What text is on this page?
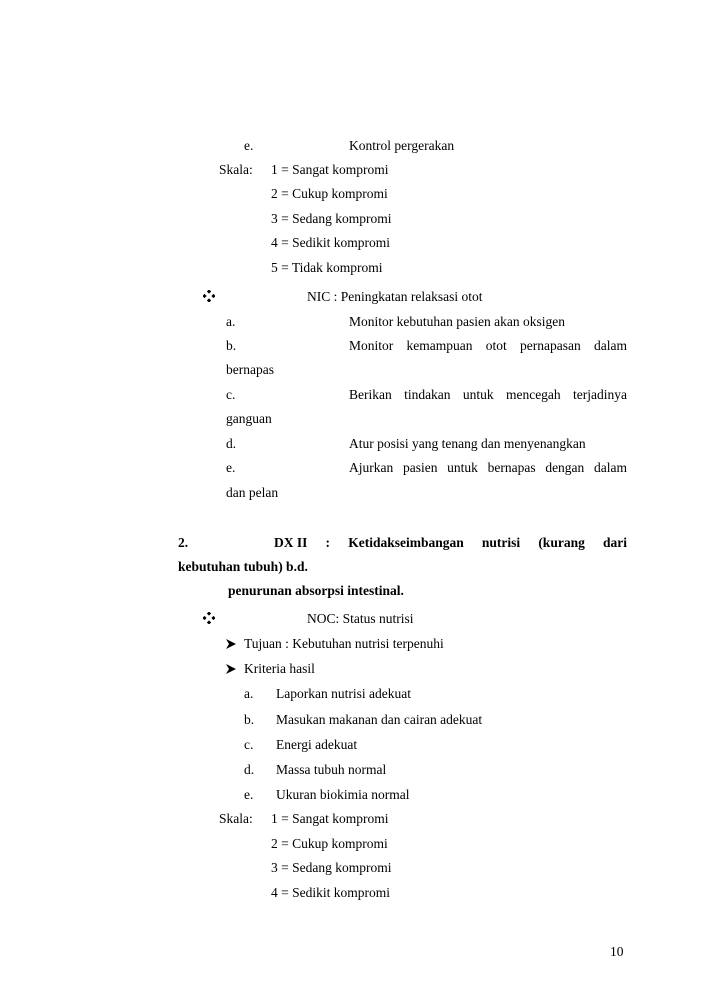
e.	Kontrol pergerakan
Skala: 1 = Sangat kompromi
2 = Cukup kompromi
3 = Sedang kompromi
4 = Sedikit kompromi
5 = Tidak kompromi
NIC : Peningkatan relaksasi otot
a.	Monitor kebutuhan pasien akan oksigen
b.	Monitor kemampuan otot pernapasan dalam
bernapas
c.	Berikan tindakan untuk mencegah terjadinya
ganguan
d.	Atur posisi yang tenang dan menyenangkan
e.	Ajurkan pasien untuk bernapas dengan dalam
dan pelan
2.	DX II : Ketidakseimbangan nutrisi (kurang dari
kebutuhan tubuh) b.d.
penurunan absorpsi intestinal.
NOC: Status nutrisi
Tujuan : Kebutuhan nutrisi terpenuhi
Kriteria hasil
a. Laporkan nutrisi adekuat
b. Masukan makanan dan cairan adekuat
c. Energi adekuat
d. Massa tubuh normal
e. Ukuran biokimia normal
Skala: 1 = Sangat kompromi
2 = Cukup kompromi
3 = Sedang kompromi
4 = Sedikit kompromi
10
